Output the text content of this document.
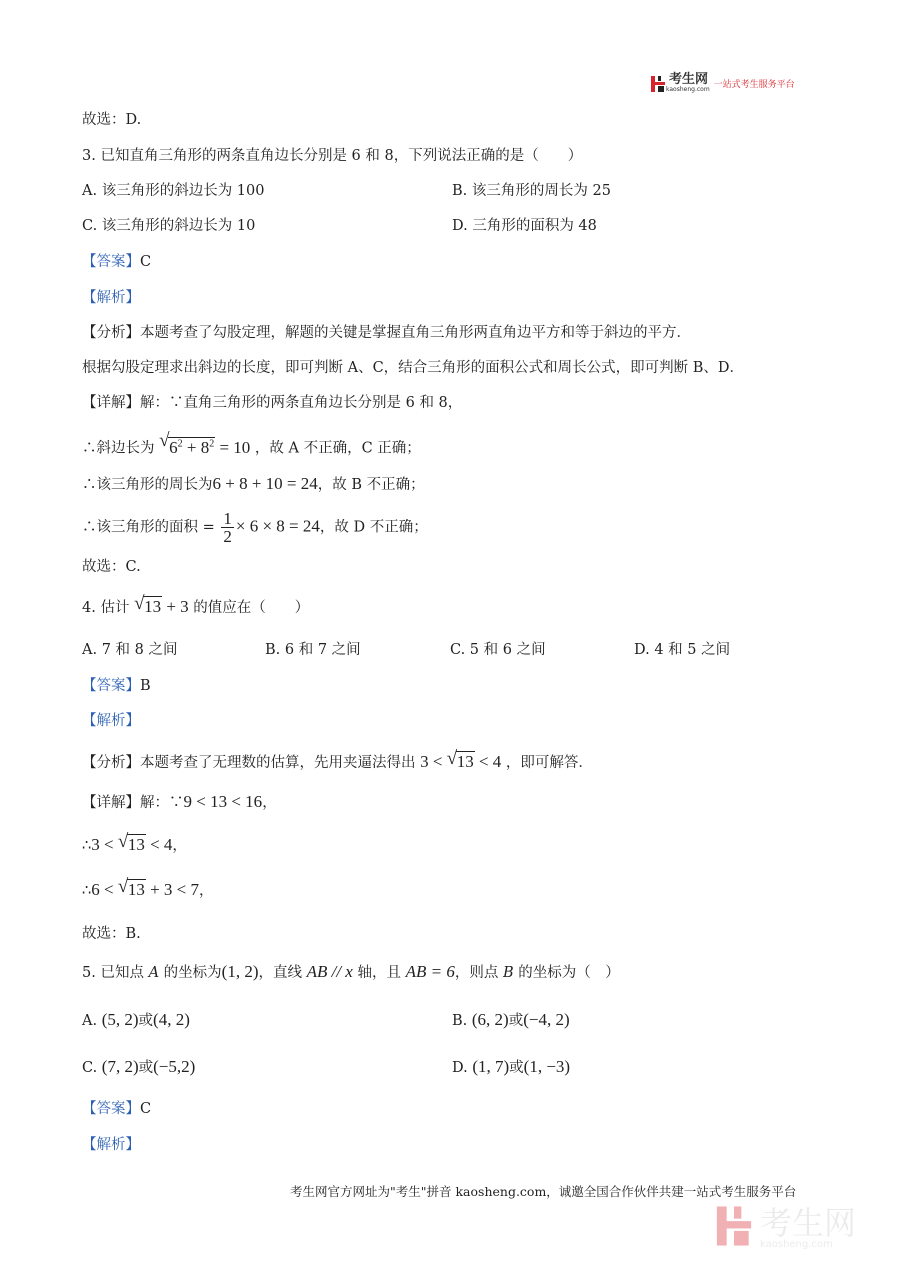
考生网
kaosheng.com 一站式考生服务平台
故选：D.
3. 已知直角三角形的两条直角边长分别是 6 和 8，下列说法正确的是（　　）
A. 该三角形的斜边长为 100	B. 该三角形的周长为 25
C. 该三角形的斜边长为 10	D. 三角形的面积为 48
【答案】C
【解析】
【分析】本题考查了勾股定理，解题的关键是掌握直角三角形两直角边平方和等于斜边的平方．
根据勾股定理求出斜边的长度，即可判断 A、C，结合三角形的面积公式和周长公式，即可判断 B、D．
【详解】解：∵直角三角形的两条直角边长分别是 6 和 8，
∴斜边长为 √ $6^2 + 8^2 = 10$ ，故 A 不正确，C 正确；
∴该三角形的周长为6 + 8 + 10 = 24，故 B 不正确；
∴该三角形的面积 = $\frac{1}{2} \times 6 \times 8 = 24$，故 D 不正确；
故选：C.
4. 估计 √ 13 + 3 的值应在（　　）
A. 7 和 8 之间	B. 6 和 7 之间	C. 5 和 6 之间	D. 4 和 5 之间
【答案】B
【解析】
【分析】本题考查了无理数的估算，先用夹逼法得出 3 < √ 13 < 4 ，即可解答．
【详解】解：∵9 < 13 < 16，
∴3 < √ 13 < 4，
∴6 < √ 13 + 3 < 7，
故选：B.
5. 已知点 A 的坐标为(1, 2)，直线 AB // x 轴，且 AB = 6，则点 B 的坐标为（　）
A. (5, 2)或(4, 2)	B. (6, 2)或(−4, 2)
C. (7, 2)或(−5,2)	D. (1, 7)或(1, −3)
【答案】C
【解析】
考生网官方网址为"考生"拼音 kaosheng.com，诚邀全国合作伙伴共建一站式考生服务平台
考生网
kaosheng.com
